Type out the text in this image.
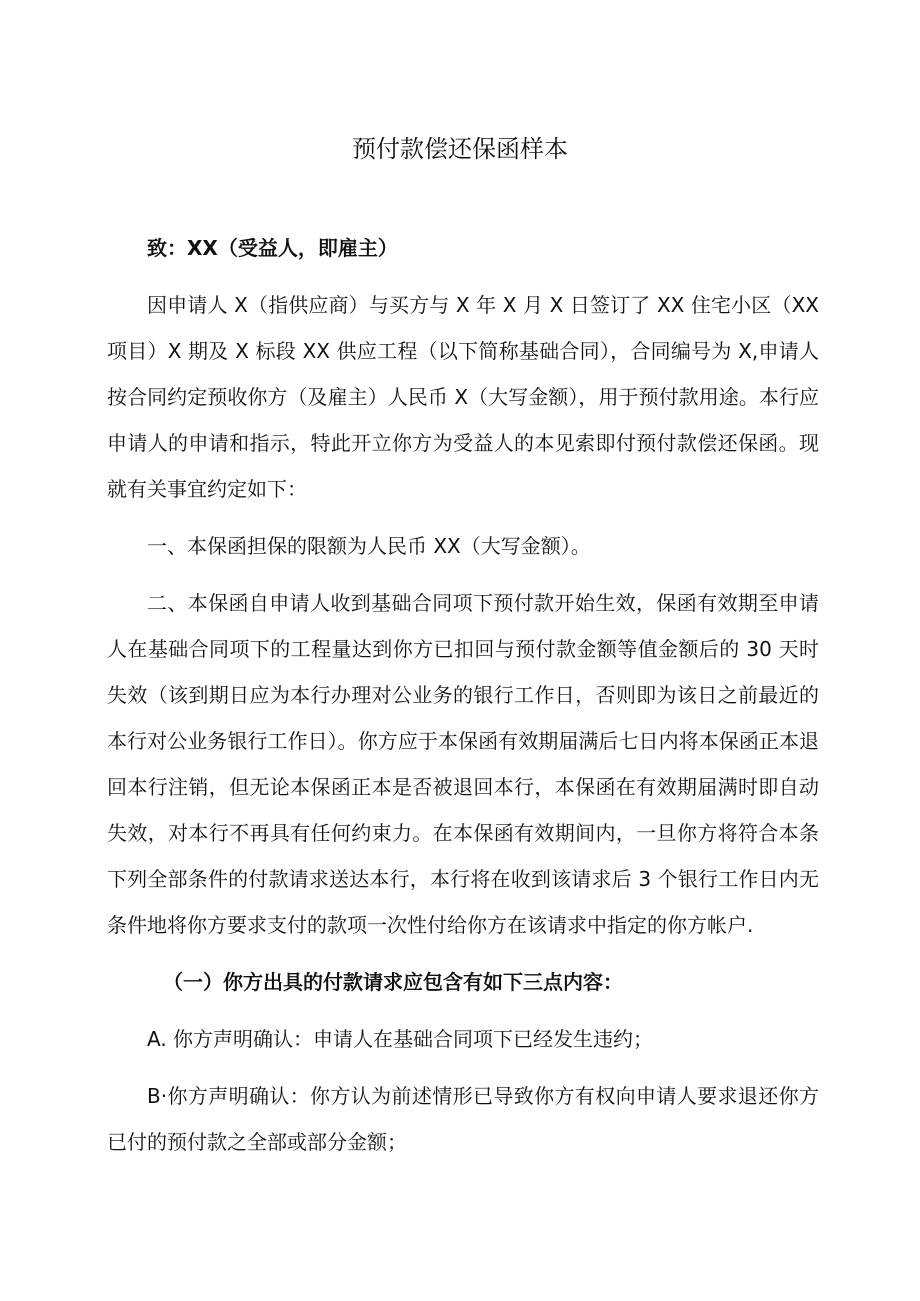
预付款偿还保函样本

致：XX（受益人，即雇主）

因申请人 X（指供应商）与买方与 X 年 X 月 X 日签订了 XX 住宅小区（XX 项目）X 期及 X 标段 XX 供应工程（以下简称基础合同），合同编号为 X,申请人按合同约定预收你方（及雇主）人民币 X（大写金额），用于预付款用途。本行应申请人的申请和指示，特此开立你方为受益人的本见索即付预付款偿还保函。现就有关事宜约定如下：

一、本保函担保的限额为人民币 XX（大写金额）。

二、本保函自申请人收到基础合同项下预付款开始生效，保函有效期至申请人在基础合同项下的工程量达到你方已扣回与预付款金额等值金额后的 30 天时失效（该到期日应为本行办理对公业务的银行工作日，否则即为该日之前最近的本行对公业务银行工作日）。你方应于本保函有效期届满后七日内将本保函正本退回本行注销，但无论本保函正本是否被退回本行，本保函在有效期届满时即自动失效，对本行不再具有任何约束力。在本保函有效期间内，一旦你方将符合本条下列全部条件的付款请求送达本行，本行将在收到该请求后 3 个银行工作日内无条件地将你方要求支付的款项一次性付给你方在该请求中指定的你方帐户.

（一）你方出具的付款请求应包含有如下三点内容：

A. 你方声明确认：申请人在基础合同项下已经发生违约；

B·你方声明确认：你方认为前述情形已导致你方有权向申请人要求退还你方已付的预付款之全部或部分金额；
